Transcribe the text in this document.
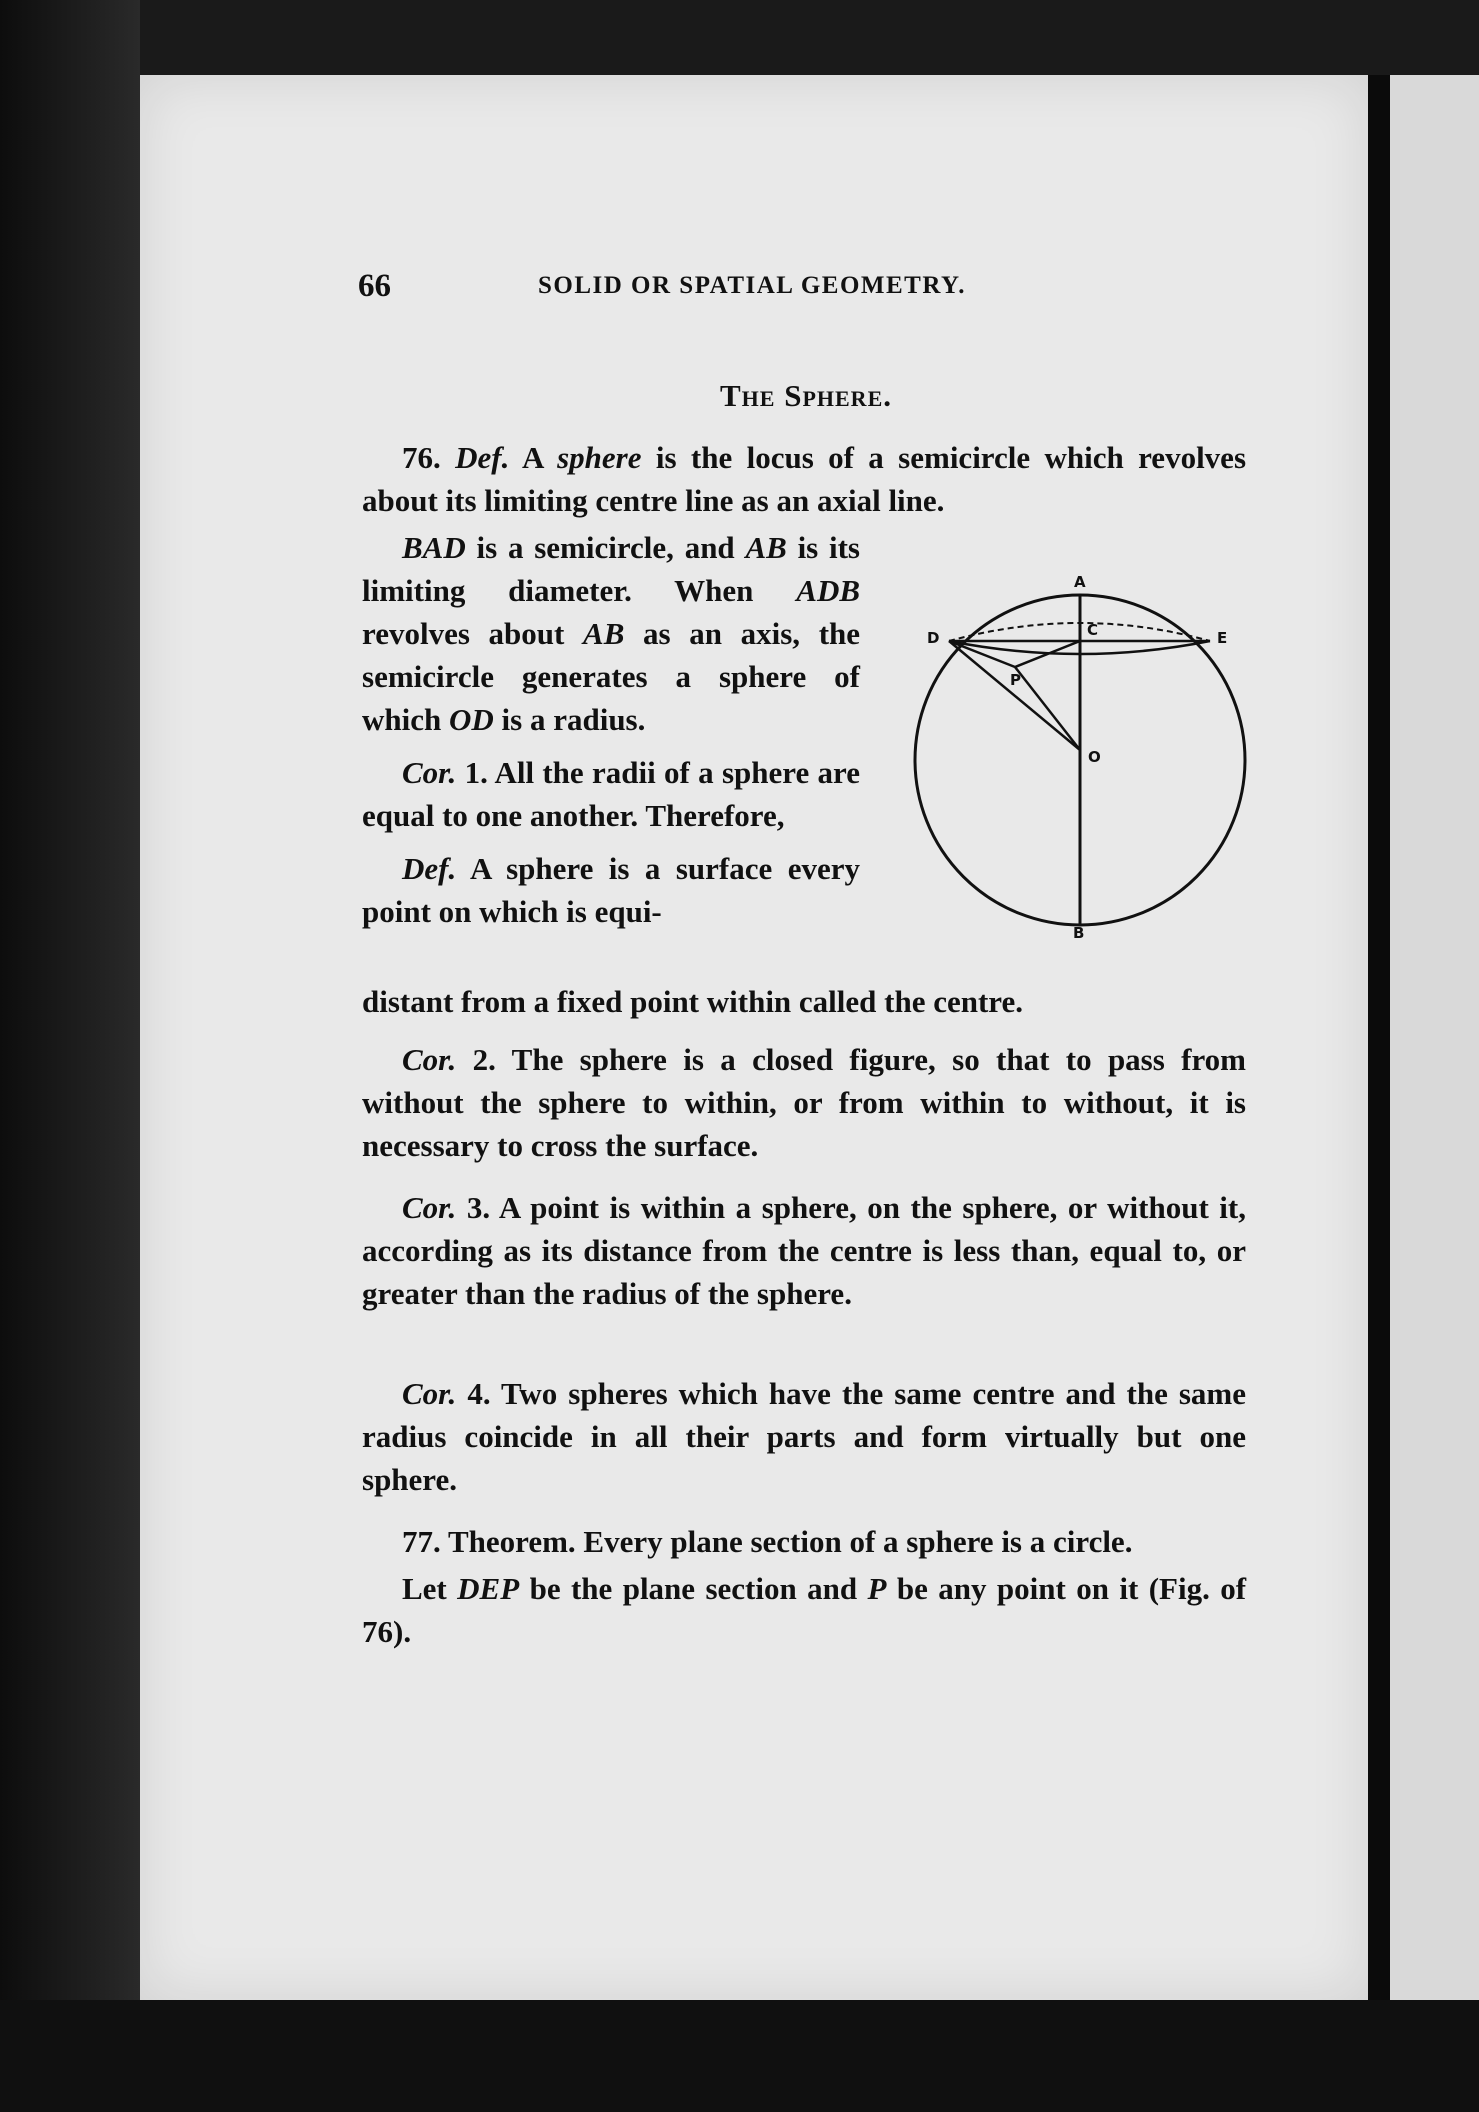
66	SOLID OR SPATIAL GEOMETRY.
The Sphere.

76. Def. A sphere is the locus of a semicircle which revolves about its limiting centre line as an axial line.

BAD is a semicircle, and AB is its limiting diameter. When ADB revolves about AB as an axis, the semicircle generates a sphere of which OD is a radius.

Cor. 1. All the radii of a sphere are equal to one another. Therefore,

Def. A sphere is a surface every point on which is equi-

distant from a fixed point within called the centre.

Cor. 2. The sphere is a closed figure, so that to pass from without the sphere to within, or from within to without, it is necessary to cross the surface.

Cor. 3. A point is within a sphere, on the sphere, or without it, according as its distance from the centre is less than, equal to, or greater than the radius of the sphere.

Cor. 4. Two spheres which have the same centre and the same radius coincide in all their parts and form virtually but one sphere.

77. Theorem. Every plane section of a sphere is a circle.

Let DEP be the plane section and P be any point on it (Fig. of 76).

A
B
C
D	E
O
P
